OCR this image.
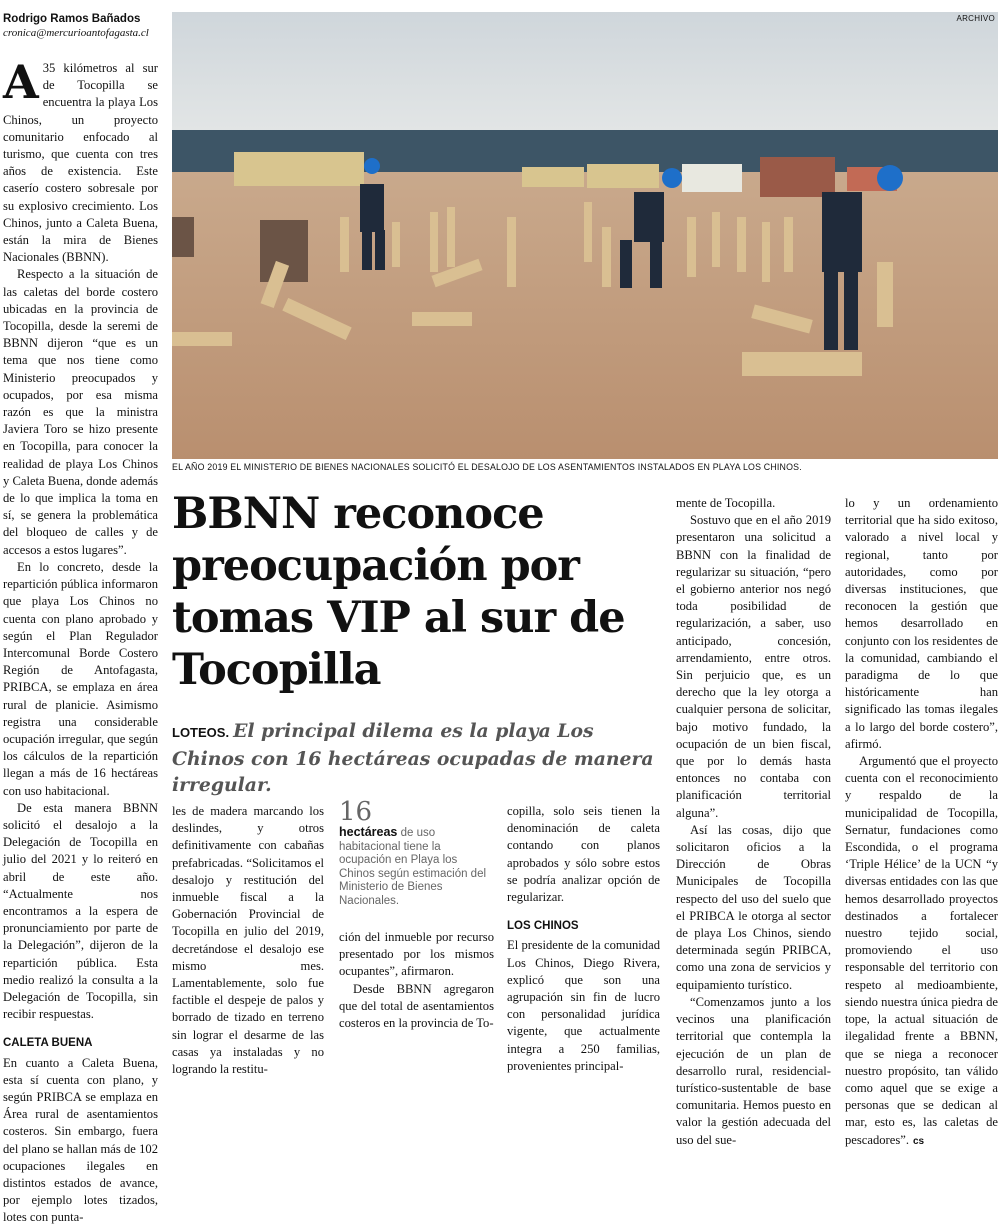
Rodrigo Ramos Bañados
cronica@mercurioantofagasta.cl

A 35 kilómetros al sur de Tocopilla se encuentra la playa Los Chinos, un proyecto comunitario enfocado al turismo, que cuenta con tres años de existencia. Este caserío costero sobresale por su explosivo crecimiento. Los Chinos, junto a Caleta Buena, están la mira de Bienes Nacionales (BBNN).

Respecto a la situación de las caletas del borde costero ubicadas en la provincia de Tocopilla, desde la seremi de BBNN dijeron “que es un tema que nos tiene como Ministerio preocupados y ocupados, por esa misma razón es que la ministra Javiera Toro se hizo presente en Tocopilla, para conocer la realidad de playa Los Chinos y Caleta Buena, donde además de lo que implica la toma en sí, se genera la problemática del bloqueo de calles y de accesos a estos lugares”.

En lo concreto, desde la repartición pública informaron que playa Los Chinos no cuenta con plano aprobado y según el Plan Regulador Intercomunal Borde Costero Región de Antofagasta, PRIBCA, se emplaza en área rural de planicie. Asimismo registra una considerable ocupación irregular, que según los cálculos de la repartición llegan a más de 16 hectáreas con uso habitacional.

De esta manera BBNN solicitó el desalojo a la Delegación de Tocopilla en julio del 2021 y lo reiteró en abril de este año. “Actualmente nos encontramos a la espera de pronunciamiento por parte de la Delegación”, dijeron de la repartición pública. Esta medio realizó la consulta a la Delegación de Tocopilla, sin recibir respuestas.

CALETA BUENA

En cuanto a Caleta Buena, esta sí cuenta con plano, y según PRIBCA se emplaza en Área rural de asentamientos costeros. Sin embargo, fuera del plano se hallan más de 102 ocupaciones ilegales en distintos estados de avance, por ejemplo lotes tizados, lotes con punta-

ARCHIVO
EL AÑO 2019 EL MINISTERIO DE BIENES NACIONALES SOLICITÓ EL DESALOJO DE LOS ASENTAMIENTOS INSTALADOS EN PLAYA LOS CHINOS.
BBNN reconoce preocupación por tomas VIP al sur de Tocopilla
LOTEOS. El principal dilema es la playa Los Chinos con 16 hectáreas ocupadas de manera irregular.

les de madera marcando los deslindes, y otros definitivamente con cabañas prefabricadas. “Solicitamos el desalojo y restitución del inmueble fiscal a la Gobernación Provincial de Tocopilla en julio del 2019, decretándose el desalojo ese mismo mes. Lamentablemente, solo fue factible el despeje de palos y borrado de tizado en terreno sin lograr el desarme de las casas ya instaladas y no logrando la restitu-

16
hectáreas de uso habitacional tiene la ocupación en Playa los Chinos según estimación del Ministerio de Bienes Nacionales.

ción del inmueble por recurso presentado por los mismos ocupantes”, afirmaron.

Desde BBNN agregaron que del total de asentamientos costeros en la provincia de To-

copilla, solo seis tienen la denominación de caleta contando con planos aprobados y sólo sobre estos se podría analizar opción de regularizar.

LOS CHINOS

El presidente de la comunidad Los Chinos, Diego Rivera, explicó que son una agrupación sin fin de lucro con personalidad jurídica vigente, que actualmente integra a 250 familias, provenientes principal-

mente de Tocopilla.

Sostuvo que en el año 2019 presentaron una solicitud a BBNN con la finalidad de regularizar su situación, “pero el gobierno anterior nos negó toda posibilidad de regularización, a saber, uso anticipado, concesión, arrendamiento, entre otros. Sin perjuicio que, es un derecho que la ley otorga a cualquier persona de solicitar, bajo motivo fundado, la ocupación de un bien fiscal, que por lo demás hasta entonces no contaba con planificación territorial alguna”.

Así las cosas, dijo que solicitaron oficios a la Dirección de Obras Municipales de Tocopilla respecto del uso del suelo que el PRIBCA le otorga al sector de playa Los Chinos, siendo determinada según PRIBCA, como una zona de servicios y equipamiento turístico.

“Comenzamos junto a los vecinos una planificación territorial que contempla la ejecución de un plan de desarrollo rural, residencial-turístico-sustentable de base comunitaria. Hemos puesto en valor la gestión adecuada del uso del sue-

lo y un ordenamiento territorial que ha sido exitoso, valorado a nivel local y regional, tanto por autoridades, como por diversas instituciones, que reconocen la gestión que hemos desarrollado en conjunto con los residentes de la comunidad, cambiando el paradigma de lo que históricamente han significado las tomas ilegales a lo largo del borde costero”, afirmó.

Argumentó que el proyecto cuenta con el reconocimiento y respaldo de la municipalidad de Tocopilla, Sernatur, fundaciones como Escondida, o el programa ‘Triple Hélice’ de la UCN “y diversas entidades con las que hemos desarrollado proyectos destinados a fortalecer nuestro tejido social, promoviendo el uso responsable del territorio con respeto al medioambiente, siendo nuestra única piedra de tope, la actual situación de ilegalidad frente a BBNN, que se niega a reconocer nuestro propósito, tan válido como aquel que se exige a personas que se dedican al mar, esto es, las caletas de pescadores”. cs
